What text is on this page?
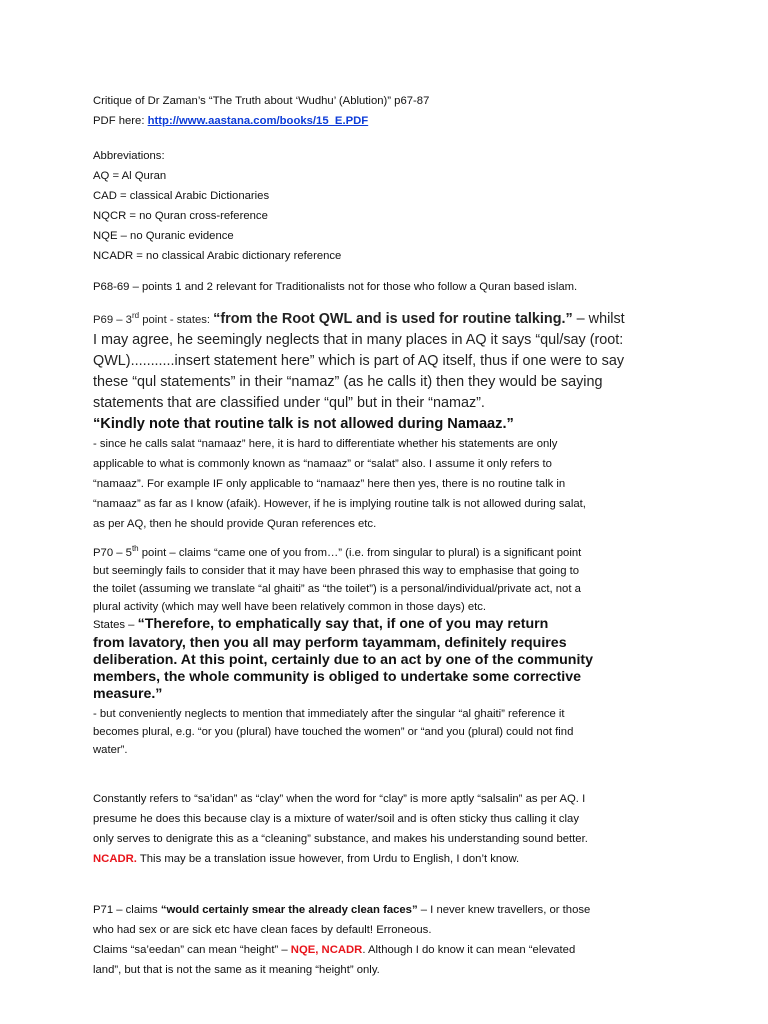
Critique of Dr Zaman’s “The Truth about ‘Wudhu’ (Ablution)” p67-87

PDF here: http://www.aastana.com/books/15_E.PDF

Abbreviations:

AQ = Al Quran

CAD = classical Arabic Dictionaries

NQCR = no Quran cross-reference

NQE – no Quranic evidence

NCADR = no classical Arabic dictionary reference

P68-69 – points 1 and 2 relevant for Traditionalists not for those who follow a Quran based islam.

P69 – 3rd point - states: “from the Root QWL and is used for routine talking.” – whilst
I may agree, he seemingly neglects that in many places in AQ it says “qul/say (root:
QWL)...........insert statement here” which is part of AQ itself, thus if one were to say
these “qul statements” in their “namaz” (as he calls it) then they would be saying
statements that are classified under “qul” but in their “namaz”.
“Kindly note that routine talk is not allowed during Namaaz.”

- since he calls salat “namaaz” here, it is hard to differentiate whether his statements are only

applicable to what is commonly known as “namaaz” or “salat” also. I assume it only refers to

“namaaz”. For example IF only applicable to “namaaz” here then yes, there is no routine talk in

“namaaz” as far as I know (afaik). However, if he is implying routine talk is not allowed during salat,

as per AQ, then he should provide Quran references etc.

P70 – 5th point – claims “came one of you from…” (i.e. from singular to plural) is a significant point

but seemingly fails to consider that it may have been phrased this way to emphasise that going to

the toilet (assuming we translate “al ghaiti” as “the toilet”) is a personal/individual/private act, not a

plural activity (which may well have been relatively common in those days) etc.

States – “Therefore, to emphatically say that, if one of you may return
from lavatory, then you all may perform tayammam, definitely requires
deliberation. At this point, certainly due to an act by one of the community
members, the whole community is obliged to undertake some corrective
measure.”

- but conveniently neglects to mention that immediately after the singular “al ghaiti” reference it

becomes plural, e.g. “or you (plural) have touched the women” or “and you (plural) could not find

water”.

Constantly refers to “sa’idan” as “clay” when the word for “clay” is more aptly “salsalin” as per AQ. I

presume he does this because clay is a mixture of water/soil and is often sticky thus calling it clay

only serves to denigrate this as a “cleaning” substance, and makes his understanding sound better.

NCADR. This may be a translation issue however, from Urdu to English, I don’t know.

P71 – claims “would certainly smear the already clean faces” – I never knew travellers, or those

who had sex or are sick etc have clean faces by default! Erroneous.

Claims “sa’eedan” can mean “height” – NQE, NCADR. Although I do know it can mean “elevated

land”, but that is not the same as it meaning “height” only.
